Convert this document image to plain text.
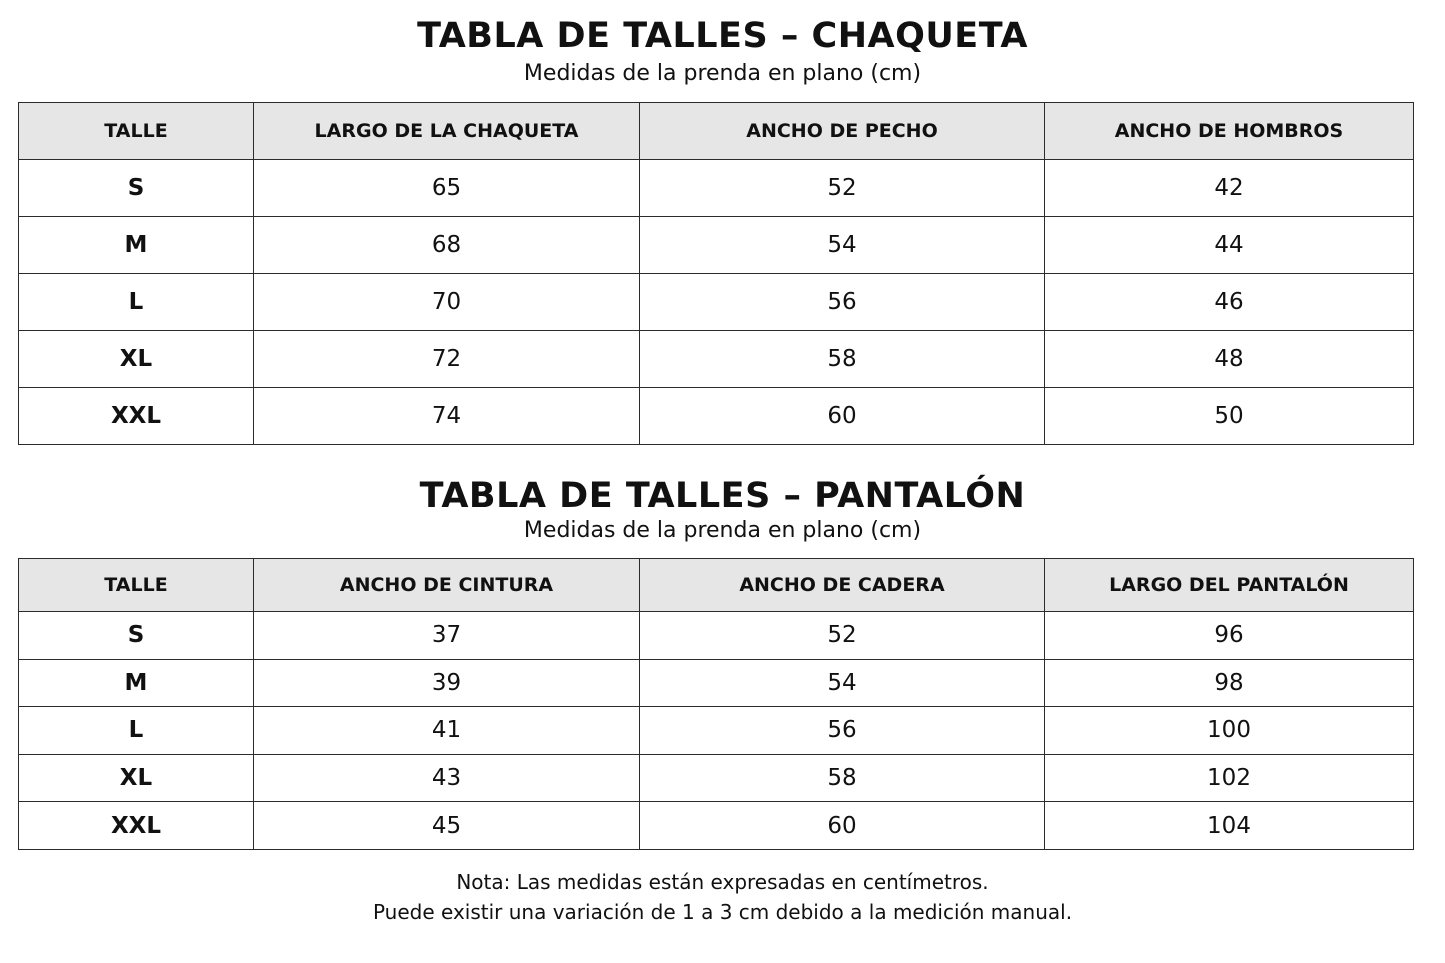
TABLA DE TALLES – CHAQUETA

Medidas de la prenda en plano (cm)

TALLE	LARGO DE LA CHAQUETA	ANCHO DE PECHO	ANCHO DE HOMBROS
S	65	52	42
M	68	54	44
L	70	56	46
XL	72	58	48
XXL	74	60	50
TABLA DE TALLES – PANTALÓN

Medidas de la prenda en plano (cm)

TALLE	ANCHO DE CINTURA	ANCHO DE CADERA	LARGO DEL PANTALÓN
S	37	52	96
M	39	54	98
L	41	56	100
XL	43	58	102
XXL	45	60	104

Nota: Las medidas están expresadas en centímetros.

Puede existir una variación de 1 a 3 cm debido a la medición manual.
